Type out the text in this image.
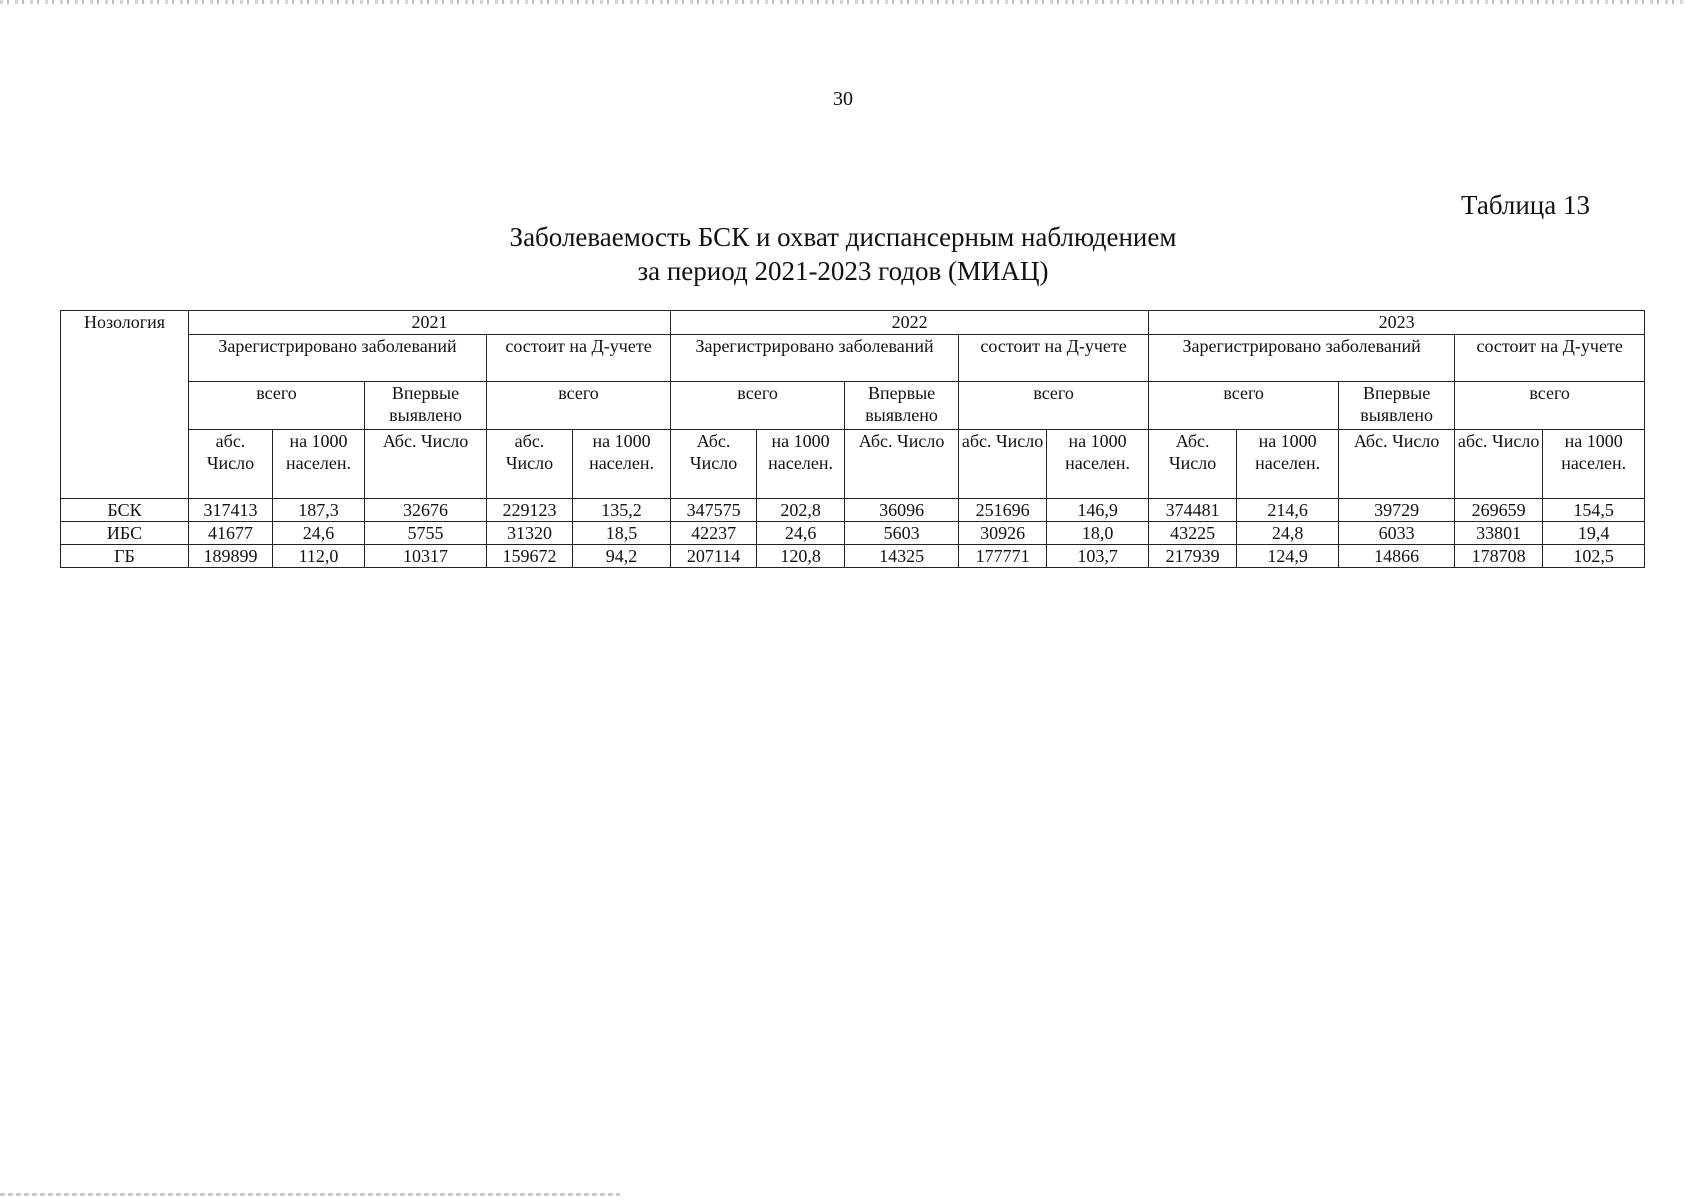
30
Таблица 13
Заболеваемость БСК и охват диспансерным наблюдением
за период 2021-2023 годов (МИАЦ)
Нозология	2021					2022					2023				
	Зарегистрировано заболеваний			состоит на Д-учете		Зарегистрировано заболеваний			состоит на Д-учете		Зарегистрировано заболеваний			состоит на Д-учете	
	всего		Впервые выявлено	всего		всего		Впервые выявлено	всего		всего		Впервые выявлено	всего	
	абс. Число	на 1000 населен.	Абс. Число	абс. Число	на 1000 населен.	Абс. Число	на 1000 населен.	Абс. Число	абс. Число	на 1000 населен.	Абс. Число	на 1000 населен.	Абс. Число	абс. Число	на 1000 населен.
БСК	317413	187,3	32676	229123	135,2	347575	202,8	36096	251696	146,9	374481	214,6	39729	269659	154,5
ИБС	41677	24,6	5755	31320	18,5	42237	24,6	5603	30926	18,0	43225	24,8	6033	33801	19,4
ГБ	189899	112,0	10317	159672	94,2	207114	120,8	14325	177771	103,7	217939	124,9	14866	178708	102,5
